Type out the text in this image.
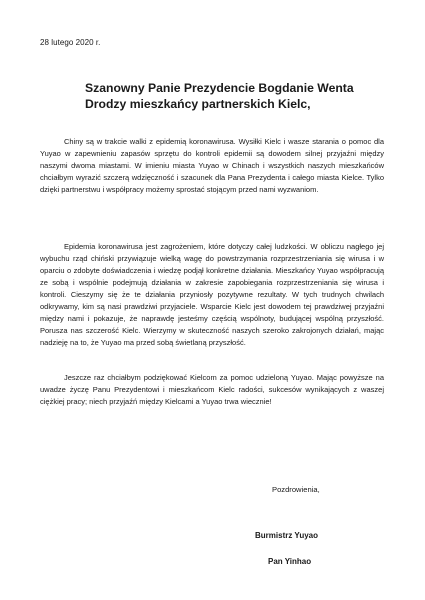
28 lutego 2020 r.
Szanowny Panie Prezydencie Bogdanie Wenta
Drodzy mieszkańcy partnerskich Kielc,

Chiny są w trakcie walki z epidemią koronawirusa. Wysiłki Kielc i wasze starania o pomoc dla Yuyao w zapewnieniu zapasów sprzętu do kontroli epidemii są dowodem silnej przyjaźni między naszymi dwoma miastami. W imieniu miasta Yuyao w Chinach i wszystkich naszych mieszkańców chciałbym wyrazić szczerą wdzięczność i szacunek dla Pana Prezydenta i całego miasta Kielce. Tylko dzięki partnerstwu i współpracy możemy sprostać stojącym przed nami wyzwaniom.

Epidemia koronawirusa jest zagrożeniem, które dotyczy całej ludzkości. W obliczu nagłego jej wybuchu rząd chiński przywiązuje wielką wagę do powstrzymania rozprzestrzeniania się wirusa i w oparciu o zdobyte doświadczenia i wiedzę podjął konkretne działania. Mieszkańcy Yuyao współpracują ze sobą i wspólnie podejmują działania w zakresie zapobiegania rozprzestrzeniania się wirusa i kontroli. Cieszymy się że te działania przyniosły pozytywne rezultaty. W tych trudnych chwilach odkrywamy, kim są nasi prawdziwi przyjaciele. Wsparcie Kielc jest dowodem tej prawdziwej przyjaźni między nami i pokazuje, że naprawdę jesteśmy częścią wspólnoty, budującej wspólną przyszłość. Porusza nas szczerość Kielc. Wierzymy w skuteczność naszych szeroko zakrojonych działań, mając nadzieję na to, że Yuyao ma przed sobą świetlaną przyszłość.

Jeszcze raz chciałbym podziękować Kielcom za pomoc udzieloną Yuyao. Mając powyższe na uwadze życzę Panu Prezydentowi i mieszkańcom Kielc radości, sukcesów wynikających z waszej ciężkiej pracy; niech przyjaźń między Kielcami a Yuyao trwa wiecznie!

Pozdrowienia,
Burmistrz Yuyao
Pan Yinhao
